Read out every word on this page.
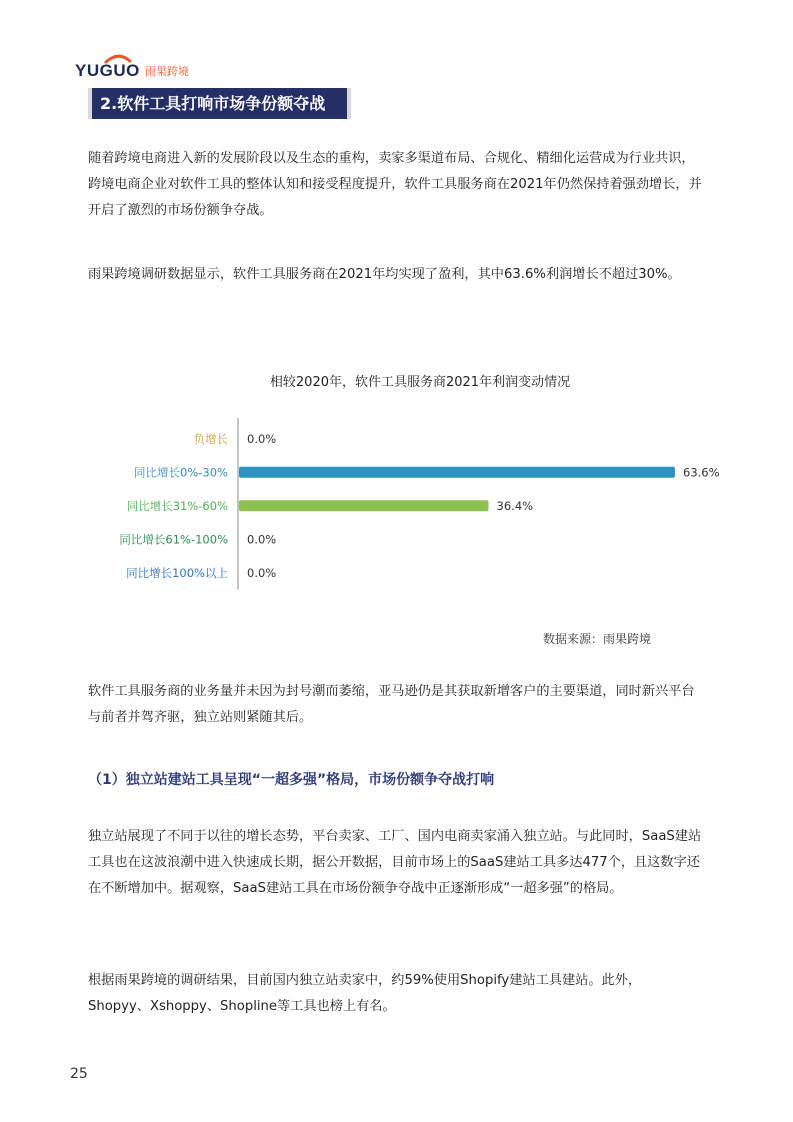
YUGUO 雨果跨境
2.软件工具打响市场争份额夺战

随着跨境电商进入新的发展阶段以及生态的重构，卖家多渠道布局、合规化、精细化运营成为行业共识，跨境电商企业对软件工具的整体认知和接受程度提升，软件工具服务商在2021年仍然保持着强劲增长，并开启了激烈的市场份额争夺战。

雨果跨境调研数据显示，软件工具服务商在2021年均实现了盈利，其中63.6%利润增长不超过30%。

相较2020年，软件工具服务商2021年利润变动情况
负增长 0.0%
同比增长0%-30%	63.6%
同比增长31%-60%	36.4%
同比增长61%-100% 0.0%
同比增长100%以上 0.0%
数据来源：雨果跨境

软件工具服务商的业务量并未因为封号潮而萎缩，亚马逊仍是其获取新增客户的主要渠道，同时新兴平台与前者并驾齐驱，独立站则紧随其后。

（1）独立站建站工具呈现“一超多强”格局，市场份额争夺战打响

独立站展现了不同于以往的增长态势，平台卖家、工厂、国内电商卖家涌入独立站。与此同时，SaaS建站工具也在这波浪潮中进入快速成长期，据公开数据，目前市场上的SaaS建站工具多达477个，且这数字还在不断增加中。据观察，SaaS建站工具在市场份额争夺战中正逐渐形成“一超多强”的格局。

根据雨果跨境的调研结果，目前国内独立站卖家中，约59%使用Shopify建站工具建站。此外，Shopyy、Xshoppy、Shopline等工具也榜上有名。

25
